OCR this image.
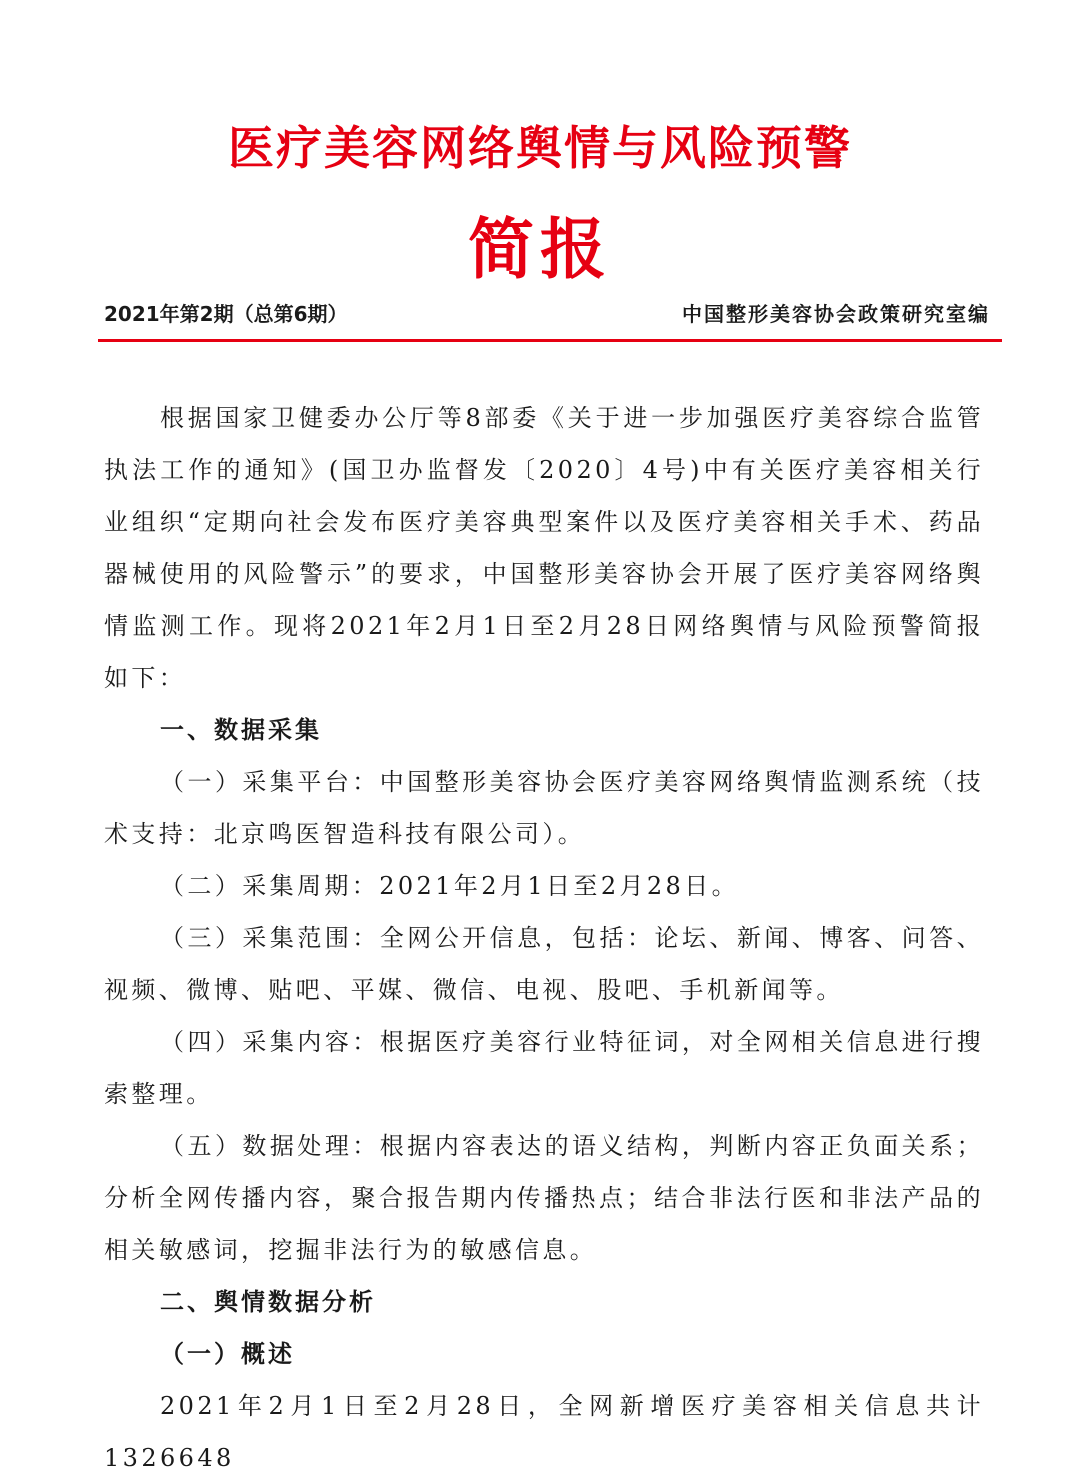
医疗美容网络舆情与风险预警
简报
2021年第2期（总第6期）	中国整形美容协会政策研究室编

根据国家卫健委办公厅等8部委《关于进一步加强医疗美容综合监管执法工作的通知》(国卫办监督发〔2020〕4号)中有关医疗美容相关行业组织“定期向社会发布医疗美容典型案件以及医疗美容相关手术、药品器械使用的风险警示”的要求，中国整形美容协会开展了医疗美容网络舆情监测工作。现将2021年2月1日至2月28日网络舆情与风险预警简报如下：

一、数据采集

（一）采集平台：中国整形美容协会医疗美容网络舆情监测系统（技术支持：北京鸣医智造科技有限公司）。

（二）采集周期：2021年2月1日至2月28日。

（三）采集范围：全网公开信息，包括：论坛、新闻、博客、问答、视频、微博、贴吧、平媒、微信、电视、股吧、手机新闻等。

（四）采集内容：根据医疗美容行业特征词，对全网相关信息进行搜索整理。

（五）数据处理：根据内容表达的语义结构，判断内容正负面关系；分析全网传播内容，聚合报告期内传播热点；结合非法行医和非法产品的相关敏感词，挖掘非法行为的敏感信息。

二、舆情数据分析

（一）概述

2021年2月1日至2月28日，全网新增医疗美容相关信息共计1326648
